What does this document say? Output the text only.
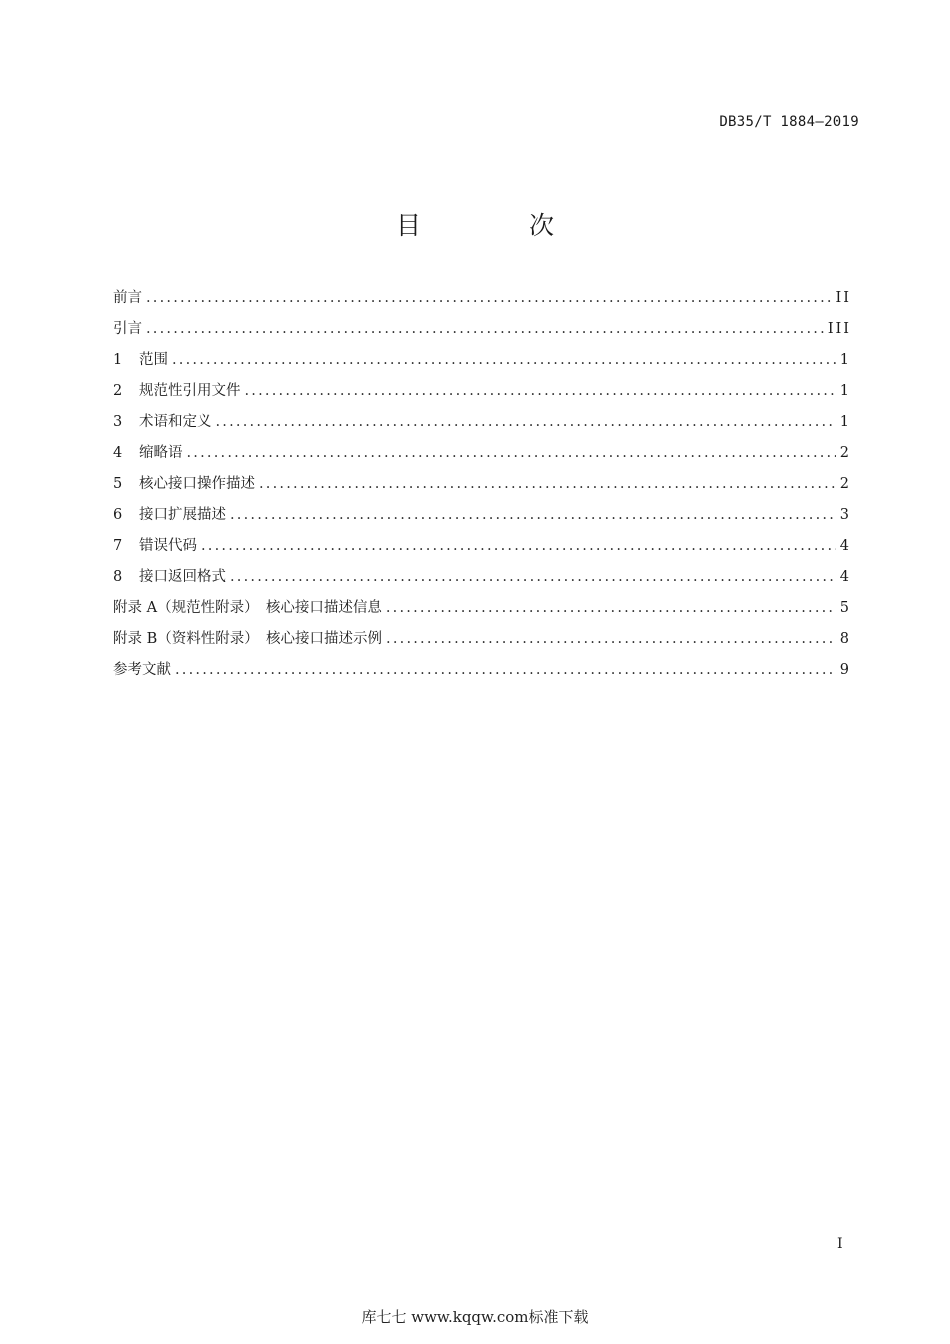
DB35/T 1884—2019
目 次
前言 .....	II
引言 .....	III
1	范围 .....	1
2	规范性引用文件 .....	1
3	术语和定义 .....	1
4	缩略语 .....	2
5	核心接口操作描述 .....	2
6	接口扩展描述 .....	3
7	错误代码 .....	4
8	接口返回格式 .....	4
附录 A（规范性附录）　核心接口描述信息 .....	5
附录 B（资料性附录）　核心接口描述示例 .....	8
参考文献 .....	9
I
库七七 www.kqqw.com标准下载
